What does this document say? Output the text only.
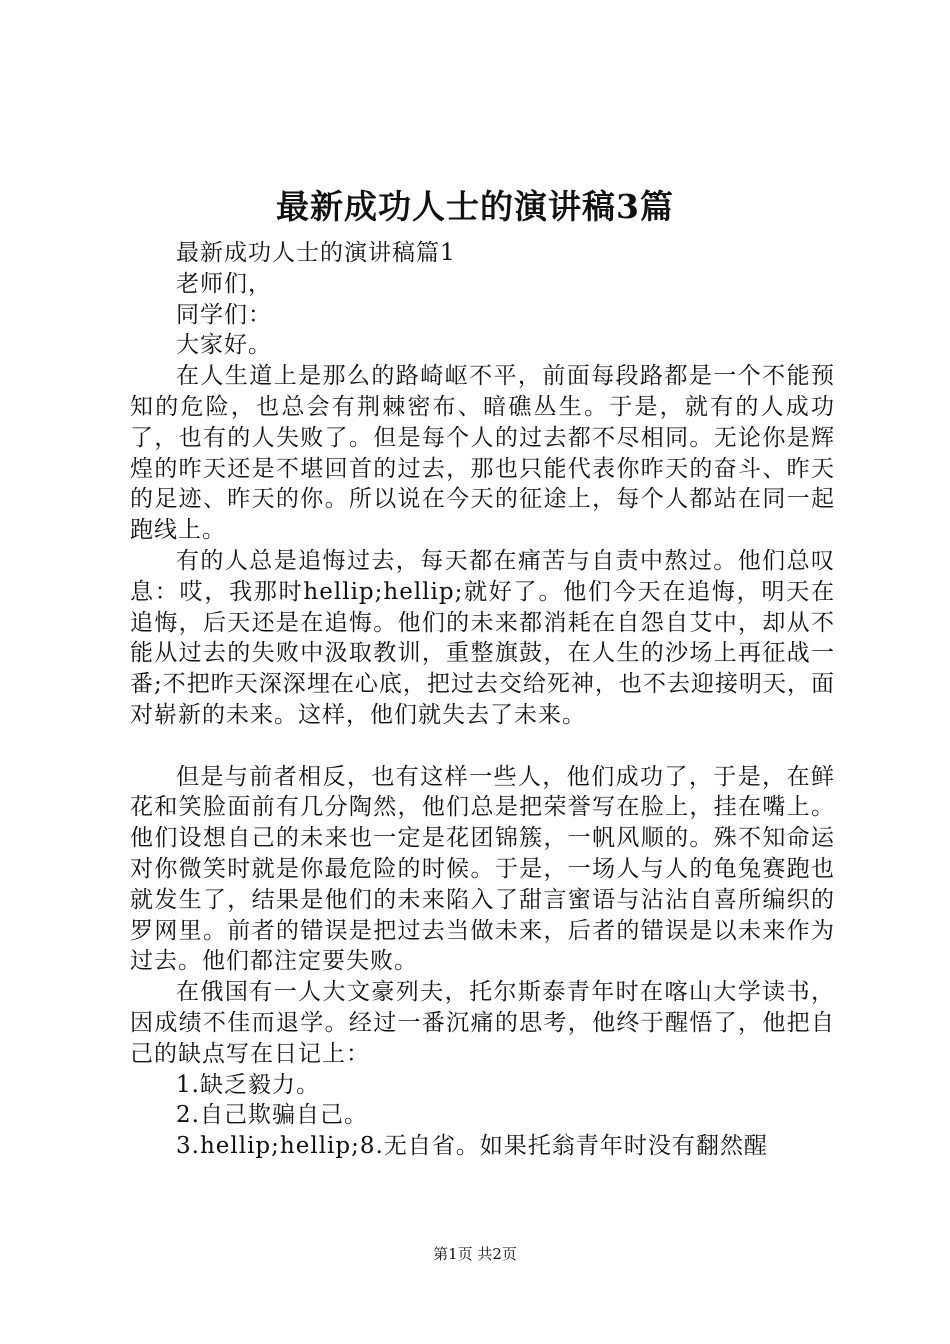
最新成功人士的演讲稿3篇

最新成功人士的演讲稿篇1

老师们，

同学们：

大家好。

在人生道上是那么的路崎岖不平，前面每段路都是一个不能预知的危险，也总会有荆棘密布、暗礁丛生。于是，就有的人成功了，也有的人失败了。但是每个人的过去都不尽相同。无论你是辉煌的昨天还是不堪回首的过去，那也只能代表你昨天的奋斗、昨天的足迹、昨天的你。所以说在今天的征途上，每个人都站在同一起跑线上。

有的人总是追悔过去，每天都在痛苦与自责中熬过。他们总叹息：哎，我那时hellip;hellip;就好了。他们今天在追悔，明天在追悔，后天还是在追悔。他们的未来都消耗在自怨自艾中，却从不能从过去的失败中汲取教训，重整旗鼓，在人生的沙场上再征战一番;不把昨天深深埋在心底，把过去交给死神，也不去迎接明天，面对崭新的未来。这样，他们就失去了未来。

但是与前者相反，也有这样一些人，他们成功了，于是，在鲜花和笑脸面前有几分陶然，他们总是把荣誉写在脸上，挂在嘴上。他们设想自己的未来也一定是花团锦簇，一帆风顺的。殊不知命运对你微笑时就是你最危险的时候。于是，一场人与人的龟兔赛跑也就发生了，结果是他们的未来陷入了甜言蜜语与沾沾自喜所编织的罗网里。前者的错误是把过去当做未来，后者的错误是以未来作为过去。他们都注定要失败。

在俄国有一人大文豪列夫，托尔斯泰青年时在喀山大学读书，因成绩不佳而退学。经过一番沉痛的思考，他终于醒悟了，他把自己的缺点写在日记上：

1.缺乏毅力。

2.自己欺骗自己。

3.hellip;hellip;8.无自省。如果托翁青年时没有翻然醒

第1页 共2页
